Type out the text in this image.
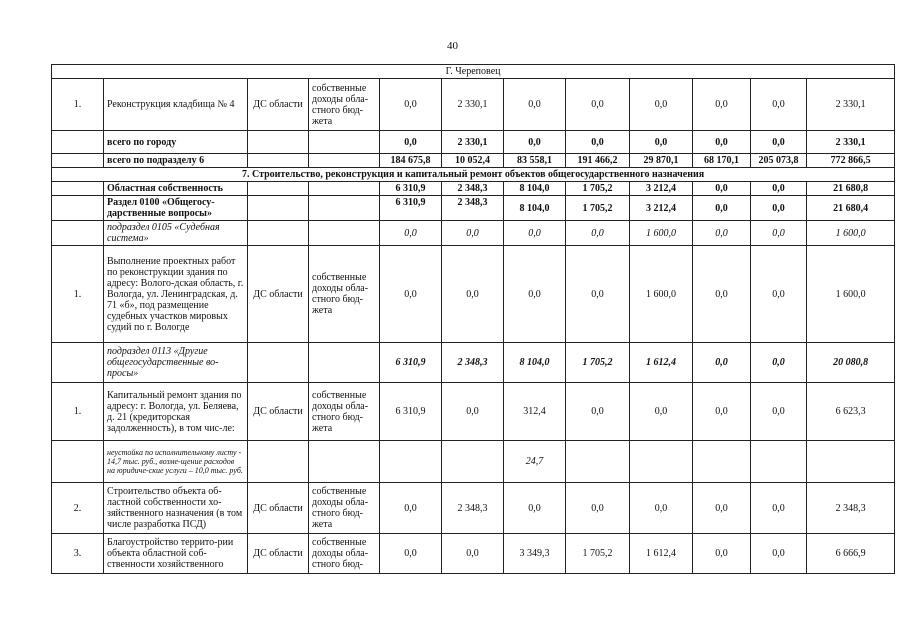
40
Г. Череповец											
1.	Реконструкция кладбища № 4	ДС области	собственные доходы обла-стного бюд-жета	0,0	2 330,1	0,0	0,0	0,0	0,0	0,0	2 330,1
	всего по городу			0,0	2 330,1	0,0	0,0	0,0	0,0	0,0	2 330,1
	всего по подразделу 6			184 675,8	10 052,4	83 558,1	191 466,2	29 870,1	68 170,1	205 073,8	772 866,5
7. Строительство, реконструкция и капитальный ремонт объектов общегосударственного назначения											
	Областная собственность			6 310,9	2 348,3	8 104,0	1 705,2	3 212,4	0,0	0,0	21 680,8
	Раздел 0100 «Общегосу-дарственные вопросы»			6 310,9	2 348,3	8 104,0	1 705,2	3 212,4	0,0	0,0	21 680,4
	подраздел 0105 «Судебная система»			0,0	0,0	0,0	0,0	1 600,0	0,0	0,0	1 600,0
1.	Выполнение проектных работ по реконструкции здания по адресу: Волого-дская область, г. Вологда, ул. Ленинградская, д. 71 «б», под размещение судебных участков мировых судий по г. Вологде	ДС области	собственные доходы обла-стного бюд-жета	0,0	0,0	0,0	0,0	1 600,0	0,0	0,0	1 600,0
	подраздел 0113 «Другие общегосударственные во-просы»			6 310,9	2 348,3	8 104,0	1 705,2	1 612,4	0,0	0,0	20 080,8
1.	Капитальный ремонт здания по адресу: г. Вологда, ул. Беляева, д. 21 (кредиторская задолженность), в том чис-ле:	ДС области	собственные доходы обла-стного бюд-жета	6 310,9	0,0	312,4	0,0	0,0	0,0	0,0	6 623,3
	неустойка по исполнительному листу - 14,7 тыс. руб., возме-щение расходов на юридиче-ские услуги – 10,0 тыс. руб.					24,7					
2.	Строительство объекта об-ластной собственности хо-зяйственного назначения (в том числе разработка ПСД)	ДС области	собственные доходы обла-стного бюд-жета	0,0	2 348,3	0,0	0,0	0,0	0,0	0,0	2 348,3
3.	Благоустройство террито-рии объекта областной соб-ственности хозяйственного	ДС области	собственные доходы обла-стного бюд-	0,0	0,0	3 349,3	1 705,2	1 612,4	0,0	0,0	6 666,9
